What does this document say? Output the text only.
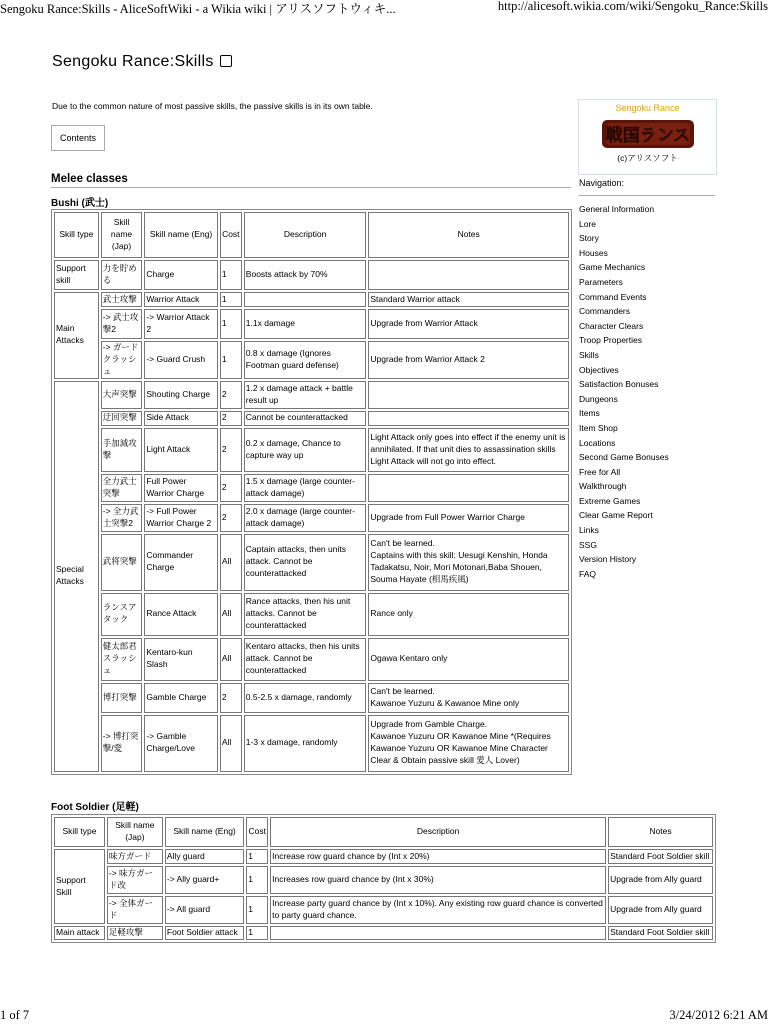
Sengoku Rance:Skills - AliceSoftWiki - a Wikia wiki | アリスソフトウィキ...	http://alicesoft.wikia.com/wiki/Sengoku_Rance:Skills
1 of 7	3/24/2012 6:21 AM
Sengoku Rance:Skills
Due to the common nature of most passive skills, the passive skills is in its own table.
Contents
Melee classes
Bushi (武士)
Skill type	Skill name (Jap)	Skill name (Eng)	Cost	Description	Notes
Support skill	力を貯める	Charge	1	Boosts attack by 70%	
Main Attacks	武士攻撃	Warrior Attack	1		Standard Warrior attack
	-> 武士攻撃2	-> Warrior Attack 2	1	1.1x damage	Upgrade from Warrior Attack
	-> ガードクラッシュ	-> Guard Crush	1	0.8 x damage (Ignores Footman guard defense)	Upgrade from Warrior Attack 2
Special Attacks	大声突撃	Shouting Charge	2	1.2 x damage attack + battle result up	
	迂回突撃	Side Attack	2	Cannot be counterattacked	
	手加減攻撃	Light Attack	2	0.2 x damage, Chance to capture way up	Light Attack only goes into effect if the enemy unit is annihilated. If that unit dies to assassination skills Light Attack will not go into effect.
	全力武士突撃	Full Power Warrior Charge	2	1.5 x damage (large counter-attack damage)	
	-> 全力武士突撃2	-> Full Power Warrior Charge 2	2	2.0 x damage (large counter-attack damage)	Upgrade from Full Power Warrior Charge
	武将突撃	Commander Charge	All	Captain attacks, then units attack. Cannot be counterattacked	Can't be learned.
Captains with this skill: Uesugi Kenshin, Honda Tadakatsu, Noir, Mori Motonari,Baba Shouen, Souma Hayate (相馬疾風)
	ランスアタック	Rance Attack	All	Rance attacks, then his unit attacks. Cannot be counterattacked	Rance only
	健太郎君スラッシュ	Kentaro-kun Slash	All	Kentaro attacks, then his units attack. Cannot be counterattacked	Ogawa Kentaro only
	博打突撃	Gamble Charge	2	0.5-2.5 x damage, randomly	Can't be learned.
Kawanoe Yuzuru & Kawanoe Mine only
	-> 博打突撃/愛	-> Gamble Charge/Love	All	1-3 x damage, randomly	Upgrade from Gamble Charge.
Kawanoe Yuzuru OR Kawanoe Mine *(Requires Kawanoe Yuzuru OR Kawanoe Mine Character Clear & Obtain passive skill 愛人 Lover)
Foot Soldier (足軽)
Skill type	Skill name (Jap)	Skill name (Eng)	Cost	Description	Notes
Support Skill	味方ガード	Ally guard	1	Increase row guard chance by (Int x 20%)	Standard Foot Soldier skill
	-> 味方ガード改	-> Ally guard+	1	Increases row guard chance by (Int x 30%)	Upgrade from Ally guard
	-> 全体ガード	-> All guard	1	Increase party guard chance by (Int x 10%). Any existing row guard chance is converted to party guard chance.	Upgrade from Ally guard
Main attack	足軽攻撃	Foot Soldier attack	1		Standard Foot Soldier skill
Sengoku Rance
戦国ランス
(c)アリスソフト
Navigation:
General Information
Lore
Story
Houses
Game Mechanics
Parameters
Command Events
Commanders
Character Clears
Troop Properties
Skills
Objectives
Satisfaction Bonuses
Dungeons
Items
Item Shop
Locations
Second Game Bonuses
Free for All
Walkthrough
Extreme Games
Clear Game Report
Links
SSG
Version History
FAQ
